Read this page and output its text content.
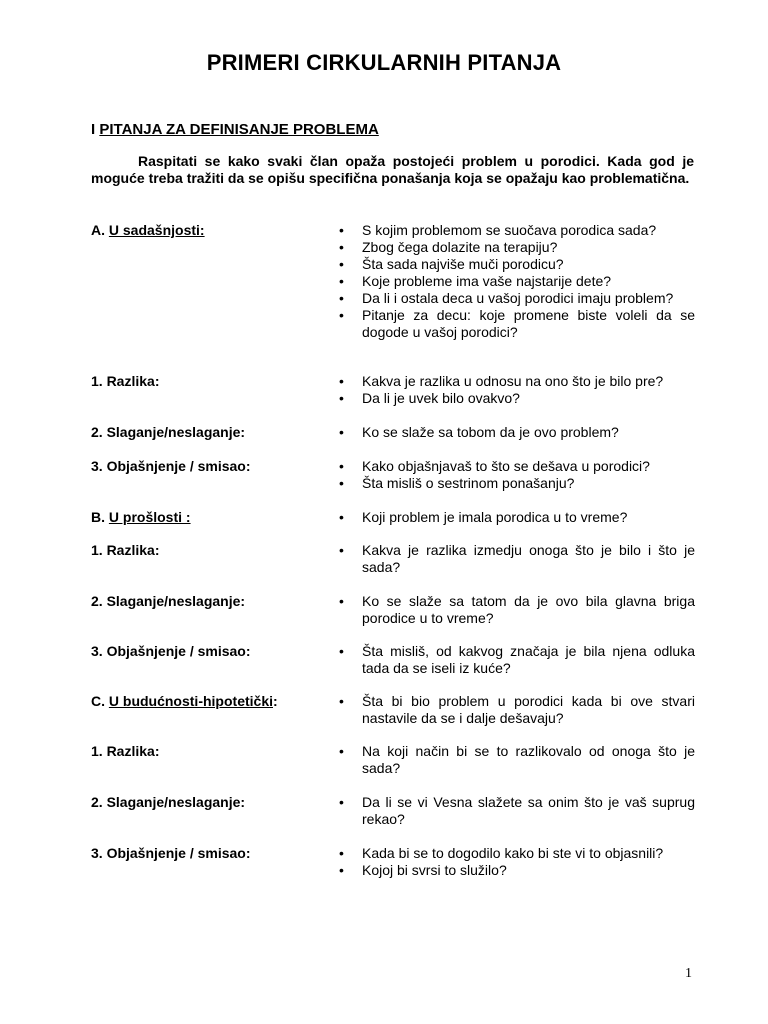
PRIMERI CIRKULARNIH PITANJA
I PITANJA ZA DEFINISANJE PROBLEMA
Raspitati se kako svaki član opaža postojeći problem u porodici. Kada god je moguće treba tražiti da se opišu specifična ponašanja koja se opažaju kao problematična.
A. U sadašnjosti:	• S kojim problemom se suočava porodica sada?
• Zbog čega dolazite na terapiju?
• Šta sada najviše muči porodicu?
• Koje probleme ima vaše najstarije dete?
• Da li i ostala deca u vašoj porodici imaju problem?
• Pitanje za decu: koje promene biste voleli da se dogode u vašoj porodici?
1. Razlika:	• Kakva je razlika u odnosu na ono što je bilo pre?
• Da li je uvek bilo ovakvo?
2. Slaganje/neslaganje:	• Ko se slaže sa tobom da je ovo problem?
3. Objašnjenje / smisao:	• Kako objašnjavaš to što se dešava u porodici?
• Šta misliš o sestrinom ponašanju?
B. U prošlosti :	• Koji problem je imala porodica u to vreme?
1. Razlika:	• Kakva je razlika izmedju onoga što je bilo i što je sada?
2. Slaganje/neslaganje:	• Ko se slaže sa tatom da je ovo bila glavna briga porodice u to vreme?
3. Objašnjenje / smisao:	• Šta misliš, od kakvog značaja je bila njena odluka tada da se iseli iz kuće?
C. U budućnosti-hipotetički:	• Šta bi bio problem u porodici kada bi ove stvari nastavile da se i dalje dešavaju?
1. Razlika:	• Na koji način bi se to razlikovalo od onoga što je sada?
2. Slaganje/neslaganje:	• Da li se vi Vesna slažete sa onim što je vaš suprug rekao?
3. Objašnjenje / smisao:	• Kada bi se to dogodilo kako bi ste vi to objasnili?
• Kojoj bi svrsi to služilo?
1
